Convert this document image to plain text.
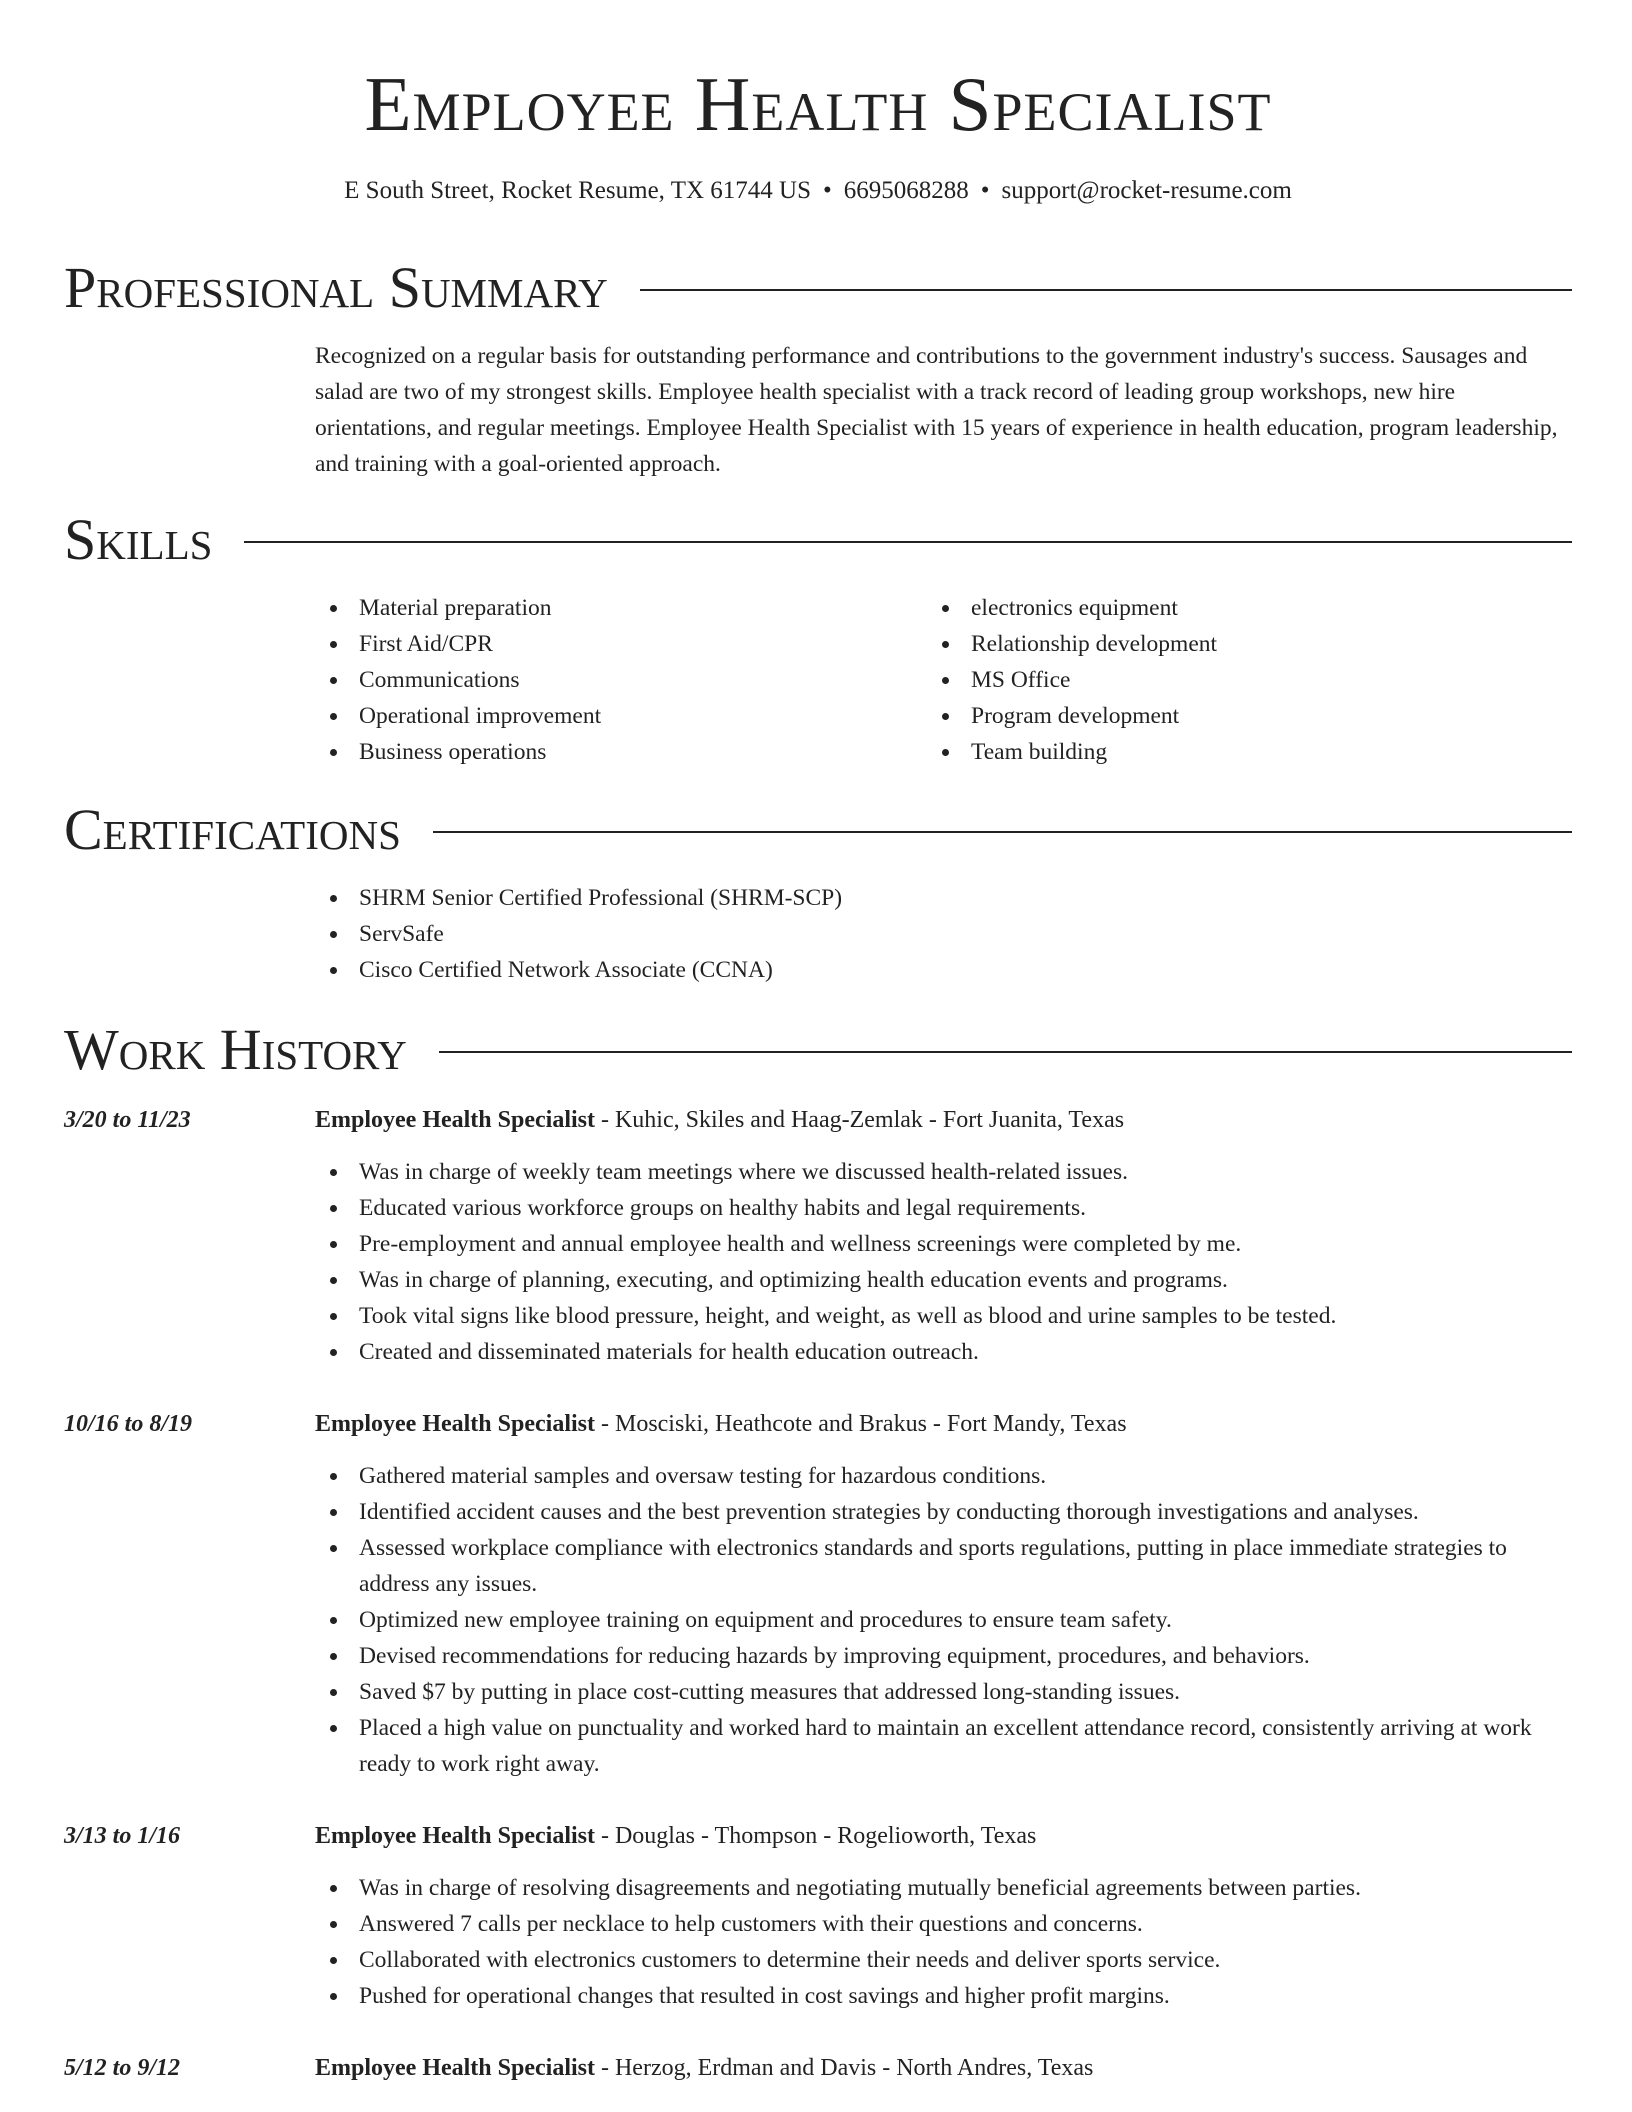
Employee Health Specialist
E South Street, Rocket Resume, TX 61744 US • 6695068288 • support@rocket-resume.com
Professional Summary

Recognized on a regular basis for outstanding performance and contributions to the government industry's success. Sausages and salad are two of my strongest skills. Employee health specialist with a track record of leading group workshops, new hire orientations, and regular meetings. Employee Health Specialist with 15 years of experience in health education, program leadership, and training with a goal-oriented approach.

Skills
Material preparation
First Aid/CPR
Communications
Operational improvement
Business operations
electronics equipment
Relationship development
MS Office
Program development
Team building
Certifications
SHRM Senior Certified Professional (SHRM-SCP)
ServSafe
Cisco Certified Network Associate (CCNA)
Work History
3/20 to 11/23	Employee Health Specialist - Kuhic, Skiles and Haag-Zemlak - Fort Juanita, Texas
Was in charge of weekly team meetings where we discussed health-related issues.
Educated various workforce groups on healthy habits and legal requirements.
Pre-employment and annual employee health and wellness screenings were completed by me.
Was in charge of planning, executing, and optimizing health education events and programs.
Took vital signs like blood pressure, height, and weight, as well as blood and urine samples to be tested.
Created and disseminated materials for health education outreach.
10/16 to 8/19	Employee Health Specialist - Mosciski, Heathcote and Brakus - Fort Mandy, Texas
Gathered material samples and oversaw testing for hazardous conditions.
Identified accident causes and the best prevention strategies by conducting thorough investigations and analyses.
Assessed workplace compliance with electronics standards and sports regulations, putting in place immediate strategies to address any issues.
Optimized new employee training on equipment and procedures to ensure team safety.
Devised recommendations for reducing hazards by improving equipment, procedures, and behaviors.
Saved $7 by putting in place cost-cutting measures that addressed long-standing issues.
Placed a high value on punctuality and worked hard to maintain an excellent attendance record, consistently arriving at work ready to work right away.
3/13 to 1/16	Employee Health Specialist - Douglas - Thompson - Rogelioworth, Texas
Was in charge of resolving disagreements and negotiating mutually beneficial agreements between parties.
Answered 7 calls per necklace to help customers with their questions and concerns.
Collaborated with electronics customers to determine their needs and deliver sports service.
Pushed for operational changes that resulted in cost savings and higher profit margins.
5/12 to 9/12	Employee Health Specialist - Herzog, Erdman and Davis - North Andres, Texas
